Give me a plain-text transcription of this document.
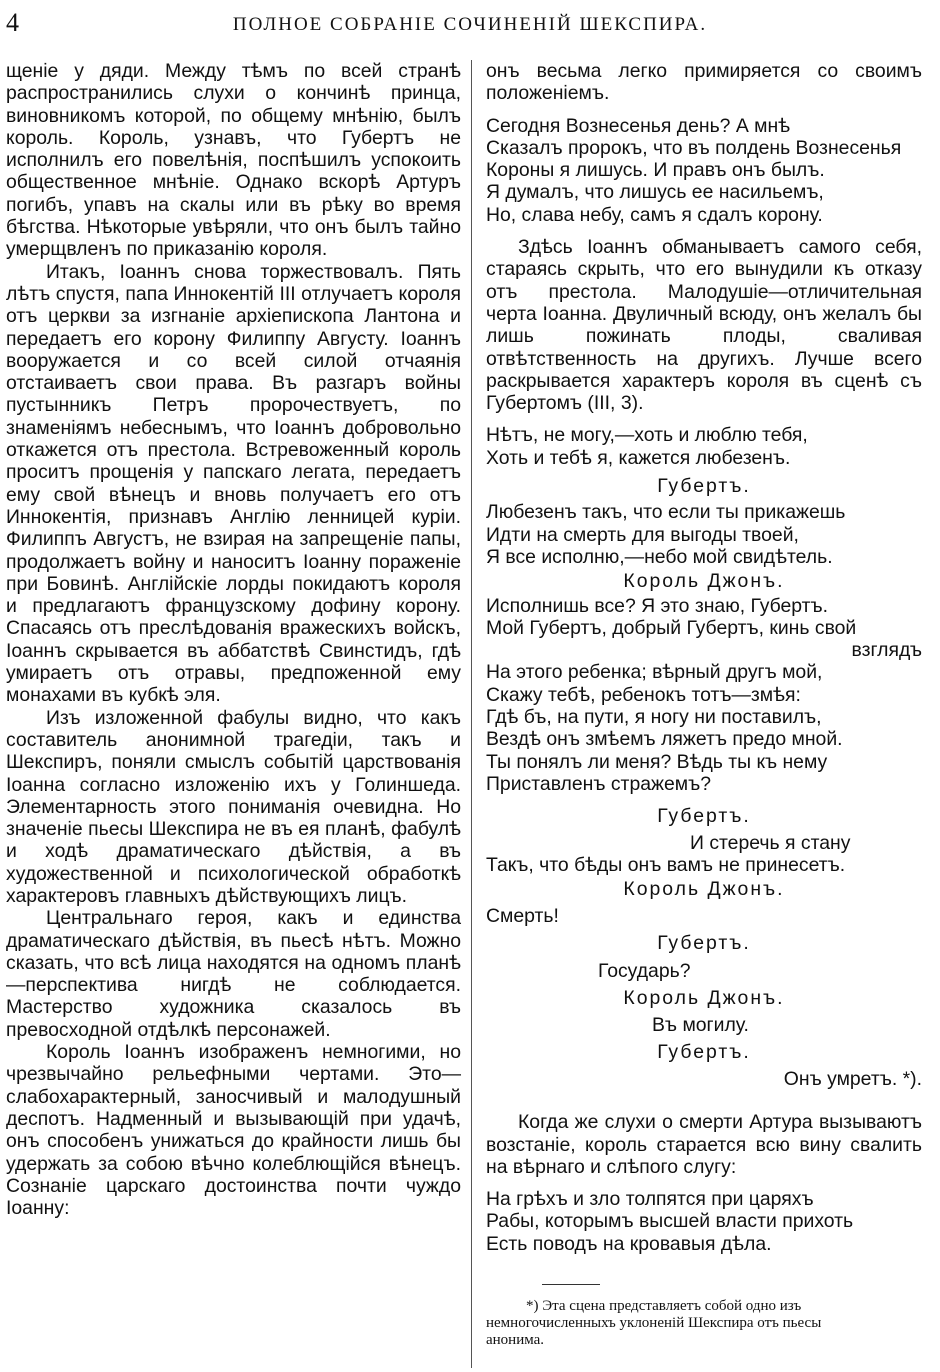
4	ПОЛНОЕ СОБРАНІЕ СОЧИНЕНІЙ ШЕКСПИРА.

щеніе у дяди. Между тѣмъ по всей странѣ распространились слухи о кончинѣ принца, виновникомъ которой, по общему мнѣнію, былъ король. Король, узнавъ, что Губертъ не исполнилъ его повелѣнія, поспѣшилъ успокоить общественное мнѣніе. Однако вскорѣ Артуръ погибъ, упавъ на скалы или въ рѣку во время бѣгства. Нѣкоторые увѣряли, что онъ былъ тайно умерщвленъ по приказанію короля.

Итакъ, Іоаннъ снова торжествовалъ. Пять лѣтъ спустя, папа Иннокентій III отлучаетъ короля отъ церкви за изгнаніе архіепископа Лантона и передаетъ его корону Филиппу Августу. Іоаннъ вооружается и со всей силой отчаянія отстаиваетъ свои права. Въ разгаръ войны пустынникъ Петръ пророчествуетъ, по знаменіямъ небеснымъ, что Іоаннъ добровольно откажется отъ престола. Встревоженный король проситъ прощенія у папскаго легата, передаетъ ему свой вѣнецъ и вновь получаетъ его отъ Иннокентія, признавъ Англію ленницей куріи. Филиппъ Августъ, не взирая на запрещеніе папы, продолжаетъ войну и наноситъ Іоанну пораженіе при Бовинѣ. Англійскіе лорды покидаютъ короля и предлагаютъ французскому дофину корону. Спасаясь отъ преслѣдованія вражескихъ войскъ, Іоаннъ скрывается въ аббатствѣ Свинстидъ, гдѣ умираетъ отъ отравы, предпоженной ему монахами въ кубкѣ эля.

Изъ изложенной фабулы видно, что какъ составитель анонимной трагедіи, такъ и Шекспиръ, поняли смыслъ событій царствованія Іоанна согласно изложенію ихъ у Голиншеда. Элементарность этого пониманія очевидна. Но значеніе пьесы Шекспира не въ ея планѣ, фабулѣ и ходѣ драматическаго дѣйствія, а въ художественной и психологической обработкѣ характеровъ главныхъ дѣйствующихъ лицъ.

Центральнаго героя, какъ и единства драматическаго дѣйствія, въ пьесѣ нѣтъ. Можно сказать, что всѣ лица находятся на одномъ планѣ—перспектива нигдѣ не соблюдается. Мастерство художника сказалось въ превосходной отдѣлкѣ персонажей.

Король Іоаннъ изображенъ немногими, но чрезвычайно рельефными чертами. Это—слабохарактерный, заносчивый и малодушный деспотъ. Надменный и вызывающій при удачѣ, онъ способенъ унижаться до крайности лишь бы удержать за собою вѣчно колеблющійся вѣнецъ. Сознаніе царскаго достоинства почти чуждо Іоанну:

онъ весьма легко примиряется со своимъ положеніемъ.

Сегодня Вознесенья день? А мнѣ
Сказалъ пророкъ, что въ полдень Вознесенья
Короны я лишусь. И правъ онъ былъ.
Я думалъ, что лишусь ее насильемъ,
Но, слава небу, самъ я сдалъ корону.

Здѣсь Іоаннъ обманываетъ самого себя, стараясь скрыть, что его вынудили къ отказу отъ престола. Малодушіе—отличительная черта Іоанна. Двуличный всюду, онъ желалъ бы лишь пожинать плоды, сваливая отвѣтственность на другихъ. Лучше всего раскрывается характеръ короля въ сценѣ съ Губертомъ (III, 3).

Нѣтъ, не могу,—хоть и люблю тебя,
Хоть и тебѣ я, кажется любезенъ.
Губертъ.
Любезенъ такъ, что если ты прикажешь
Идти на смерть для выгоды твоей,
Я все исполню,—небо мой свидѣтель.
Король Джонъ.
Исполнишь все? Я это знаю, Губертъ.
Мой Губертъ, добрый Губертъ, кинь свой
взглядъ
На этого ребенка; вѣрный другъ мой,
Скажу тебѣ, ребенокъ тотъ—змѣя:
Гдѣ бъ, на пути, я ногу ни поставилъ,
Вездѣ онъ змѣемъ ляжетъ предо мной.
Ты понялъ ли меня? Вѣдь ты къ нему
Приставленъ стражемъ?
Губертъ.
И стеречь я стану
Такъ, что бѣды онъ вамъ не принесетъ.
Король Джонъ.
Смерть!
Губертъ.
Государь?
Король Джонъ.
Въ могилу.
Губертъ.
Онъ умретъ. *).

Когда же слухи о смерти Артура вызываютъ возстаніе, король старается всю вину свалить на вѣрнаго и слѣпого слугу:

На грѣхъ и зло толпятся при царяхъ
Рабы, которымъ высшей власти прихоть
Есть поводъ на кровавыя дѣла.
*) Эта сцена представляетъ собой одно изъ
немногочисленныхъ уклоненій Шекспира отъ пьесы
анонима.
